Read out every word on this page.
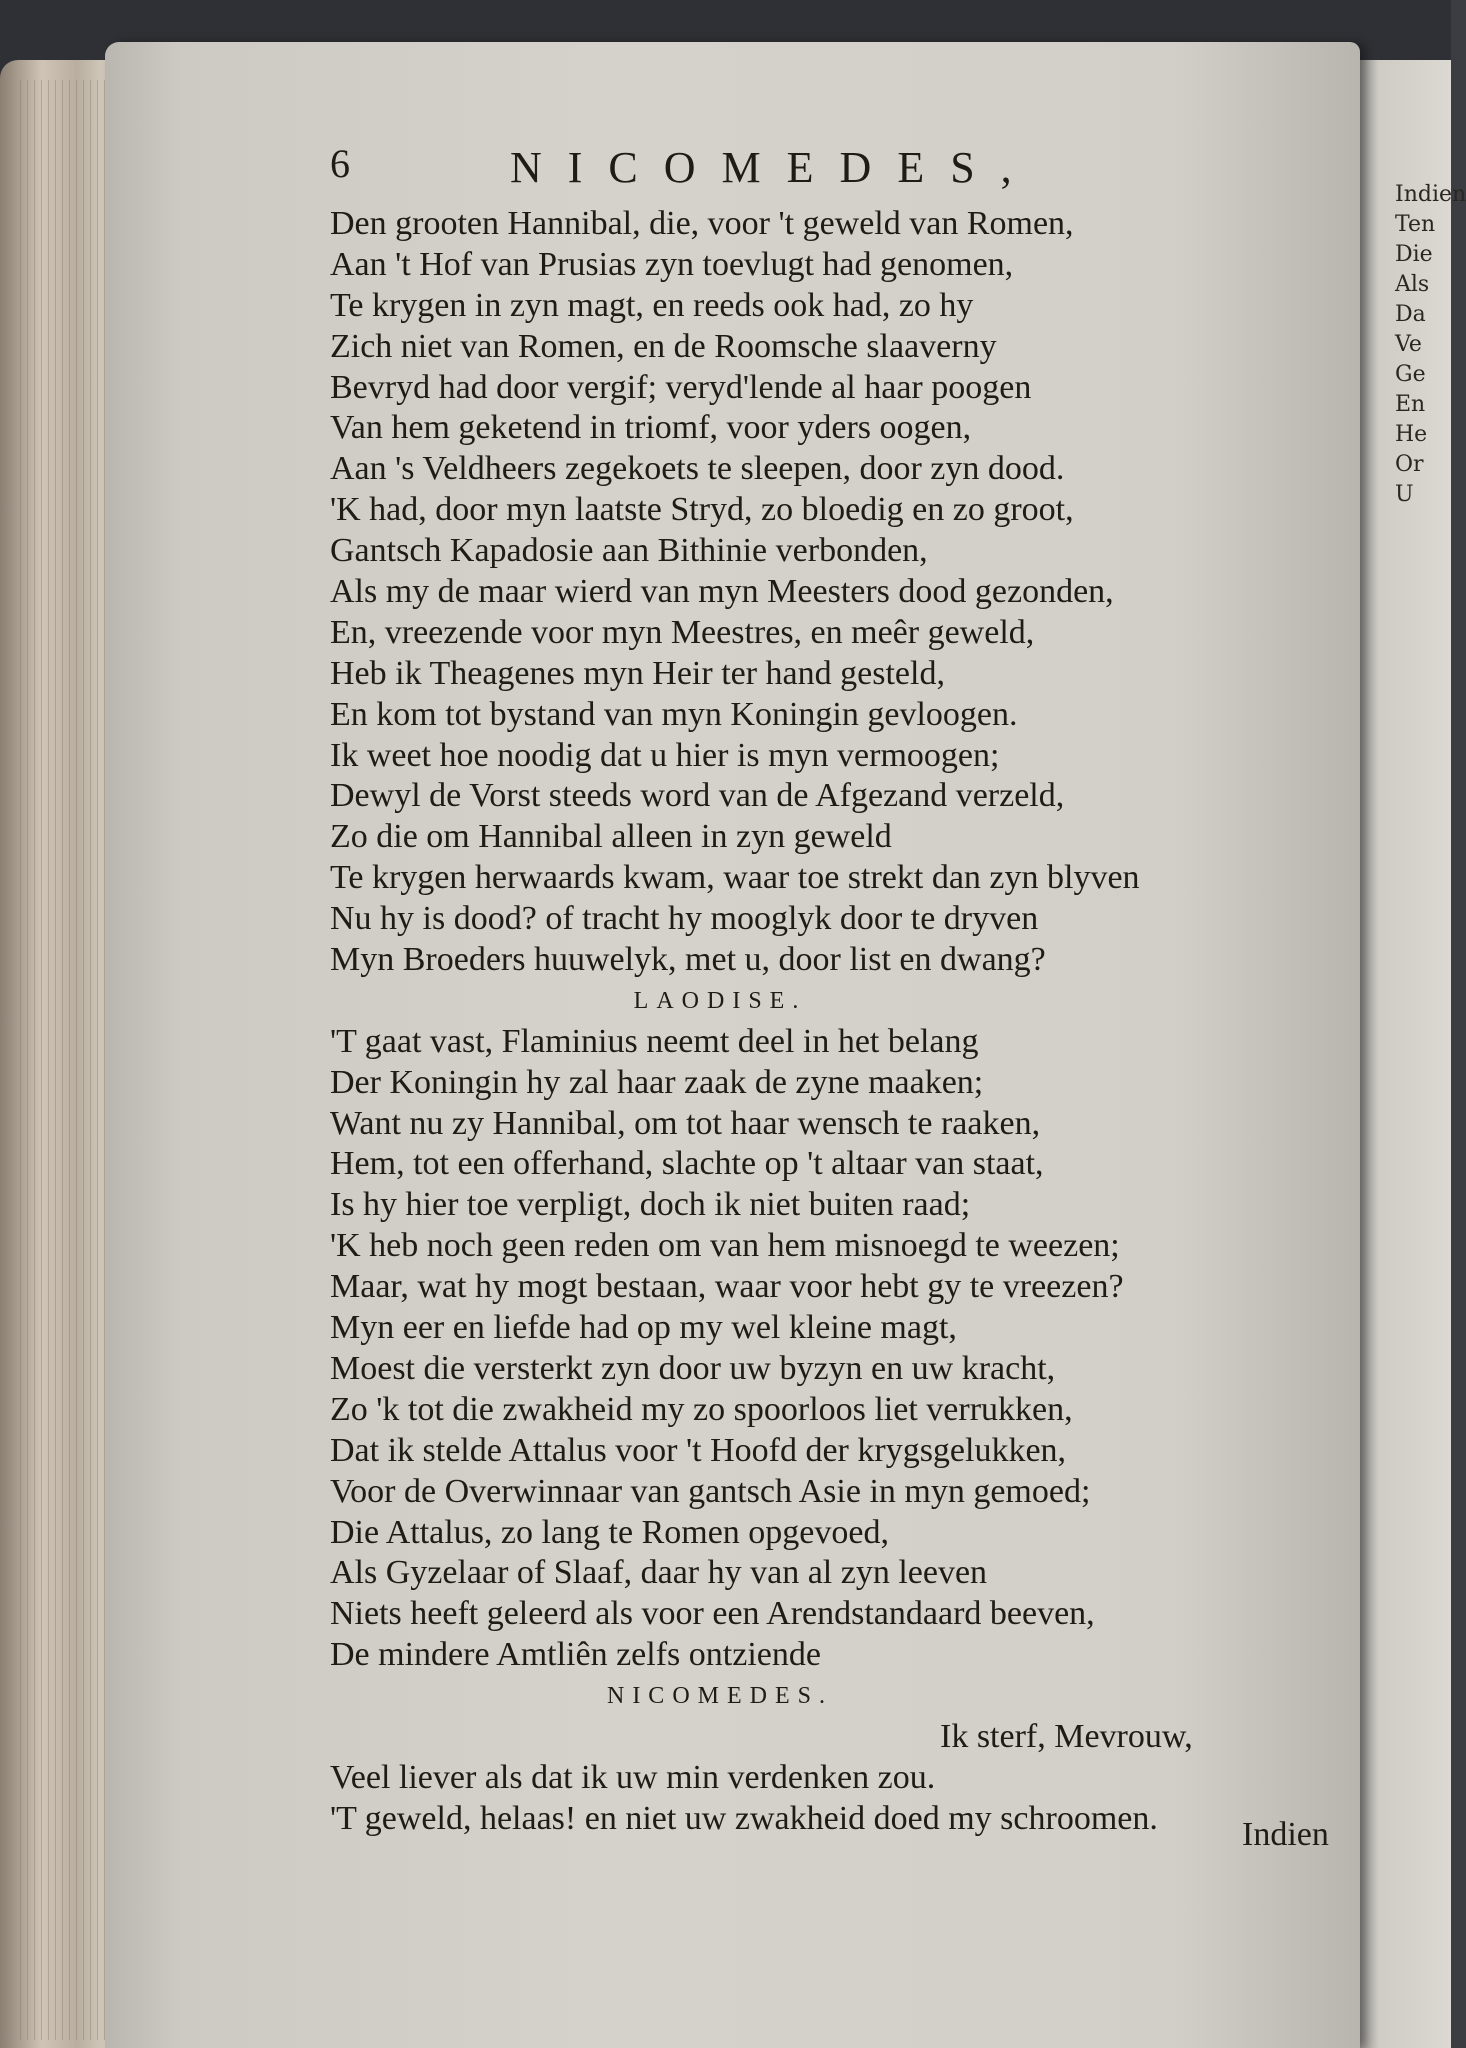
Indien
Ten
Die
Als
Da
Ve
Ge
En
He
Or
U
6	NICOMEDES,
Den grooten Hannibal, die, voor 't geweld van Romen,
Aan 't Hof van Prusias zyn toevlugt had genomen,
Te krygen in zyn magt, en reeds ook had, zo hy
Zich niet van Romen, en de Roomsche slaaverny
Bevryd had door vergif; veryd'lende al haar poogen
Van hem geketend in triomf, voor yders oogen,
Aan 's Veldheers zegekoets te sleepen, door zyn dood.
'K had, door myn laatste Stryd, zo bloedig en zo groot,
Gantsch Kapadosie aan Bithinie verbonden,
Als my de maar wierd van myn Meesters dood gezonden,
En, vreezende voor myn Meestres, en meêr geweld,
Heb ik Theagenes myn Heir ter hand gesteld,
En kom tot bystand van myn Koningin gevloogen.
Ik weet hoe noodig dat u hier is myn vermoogen;
Dewyl de Vorst steeds word van de Afgezand verzeld,
Zo die om Hannibal alleen in zyn geweld
Te krygen herwaards kwam, waar toe strekt dan zyn blyven
Nu hy is dood? of tracht hy mooglyk door te dryven
Myn Broeders huuwelyk, met u, door list en dwang?
LAODISE.
'T gaat vast, Flaminius neemt deel in het belang
Der Koningin hy zal haar zaak de zyne maaken;
Want nu zy Hannibal, om tot haar wensch te raaken,
Hem, tot een offerhand, slachte op 't altaar van staat,
Is hy hier toe verpligt, doch ik niet buiten raad;
'K heb noch geen reden om van hem misnoegd te weezen;
Maar, wat hy mogt bestaan, waar voor hebt gy te vreezen?
Myn eer en liefde had op my wel kleine magt,
Moest die versterkt zyn door uw byzyn en uw kracht,
Zo 'k tot die zwakheid my zo spoorloos liet verrukken,
Dat ik stelde Attalus voor 't Hoofd der krygsgelukken,
Voor de Overwinnaar van gantsch Asie in myn gemoed;
Die Attalus, zo lang te Romen opgevoed,
Als Gyzelaar of Slaaf, daar hy van al zyn leeven
Niets heeft geleerd als voor een Arendstandaard beeven,
De mindere Amtliên zelfs ontziende
NICOMEDES.
Ik sterf, Mevrouw,
Veel liever als dat ik uw min verdenken zou.
'T geweld, helaas! en niet uw zwakheid doed my schroomen.	Indien
